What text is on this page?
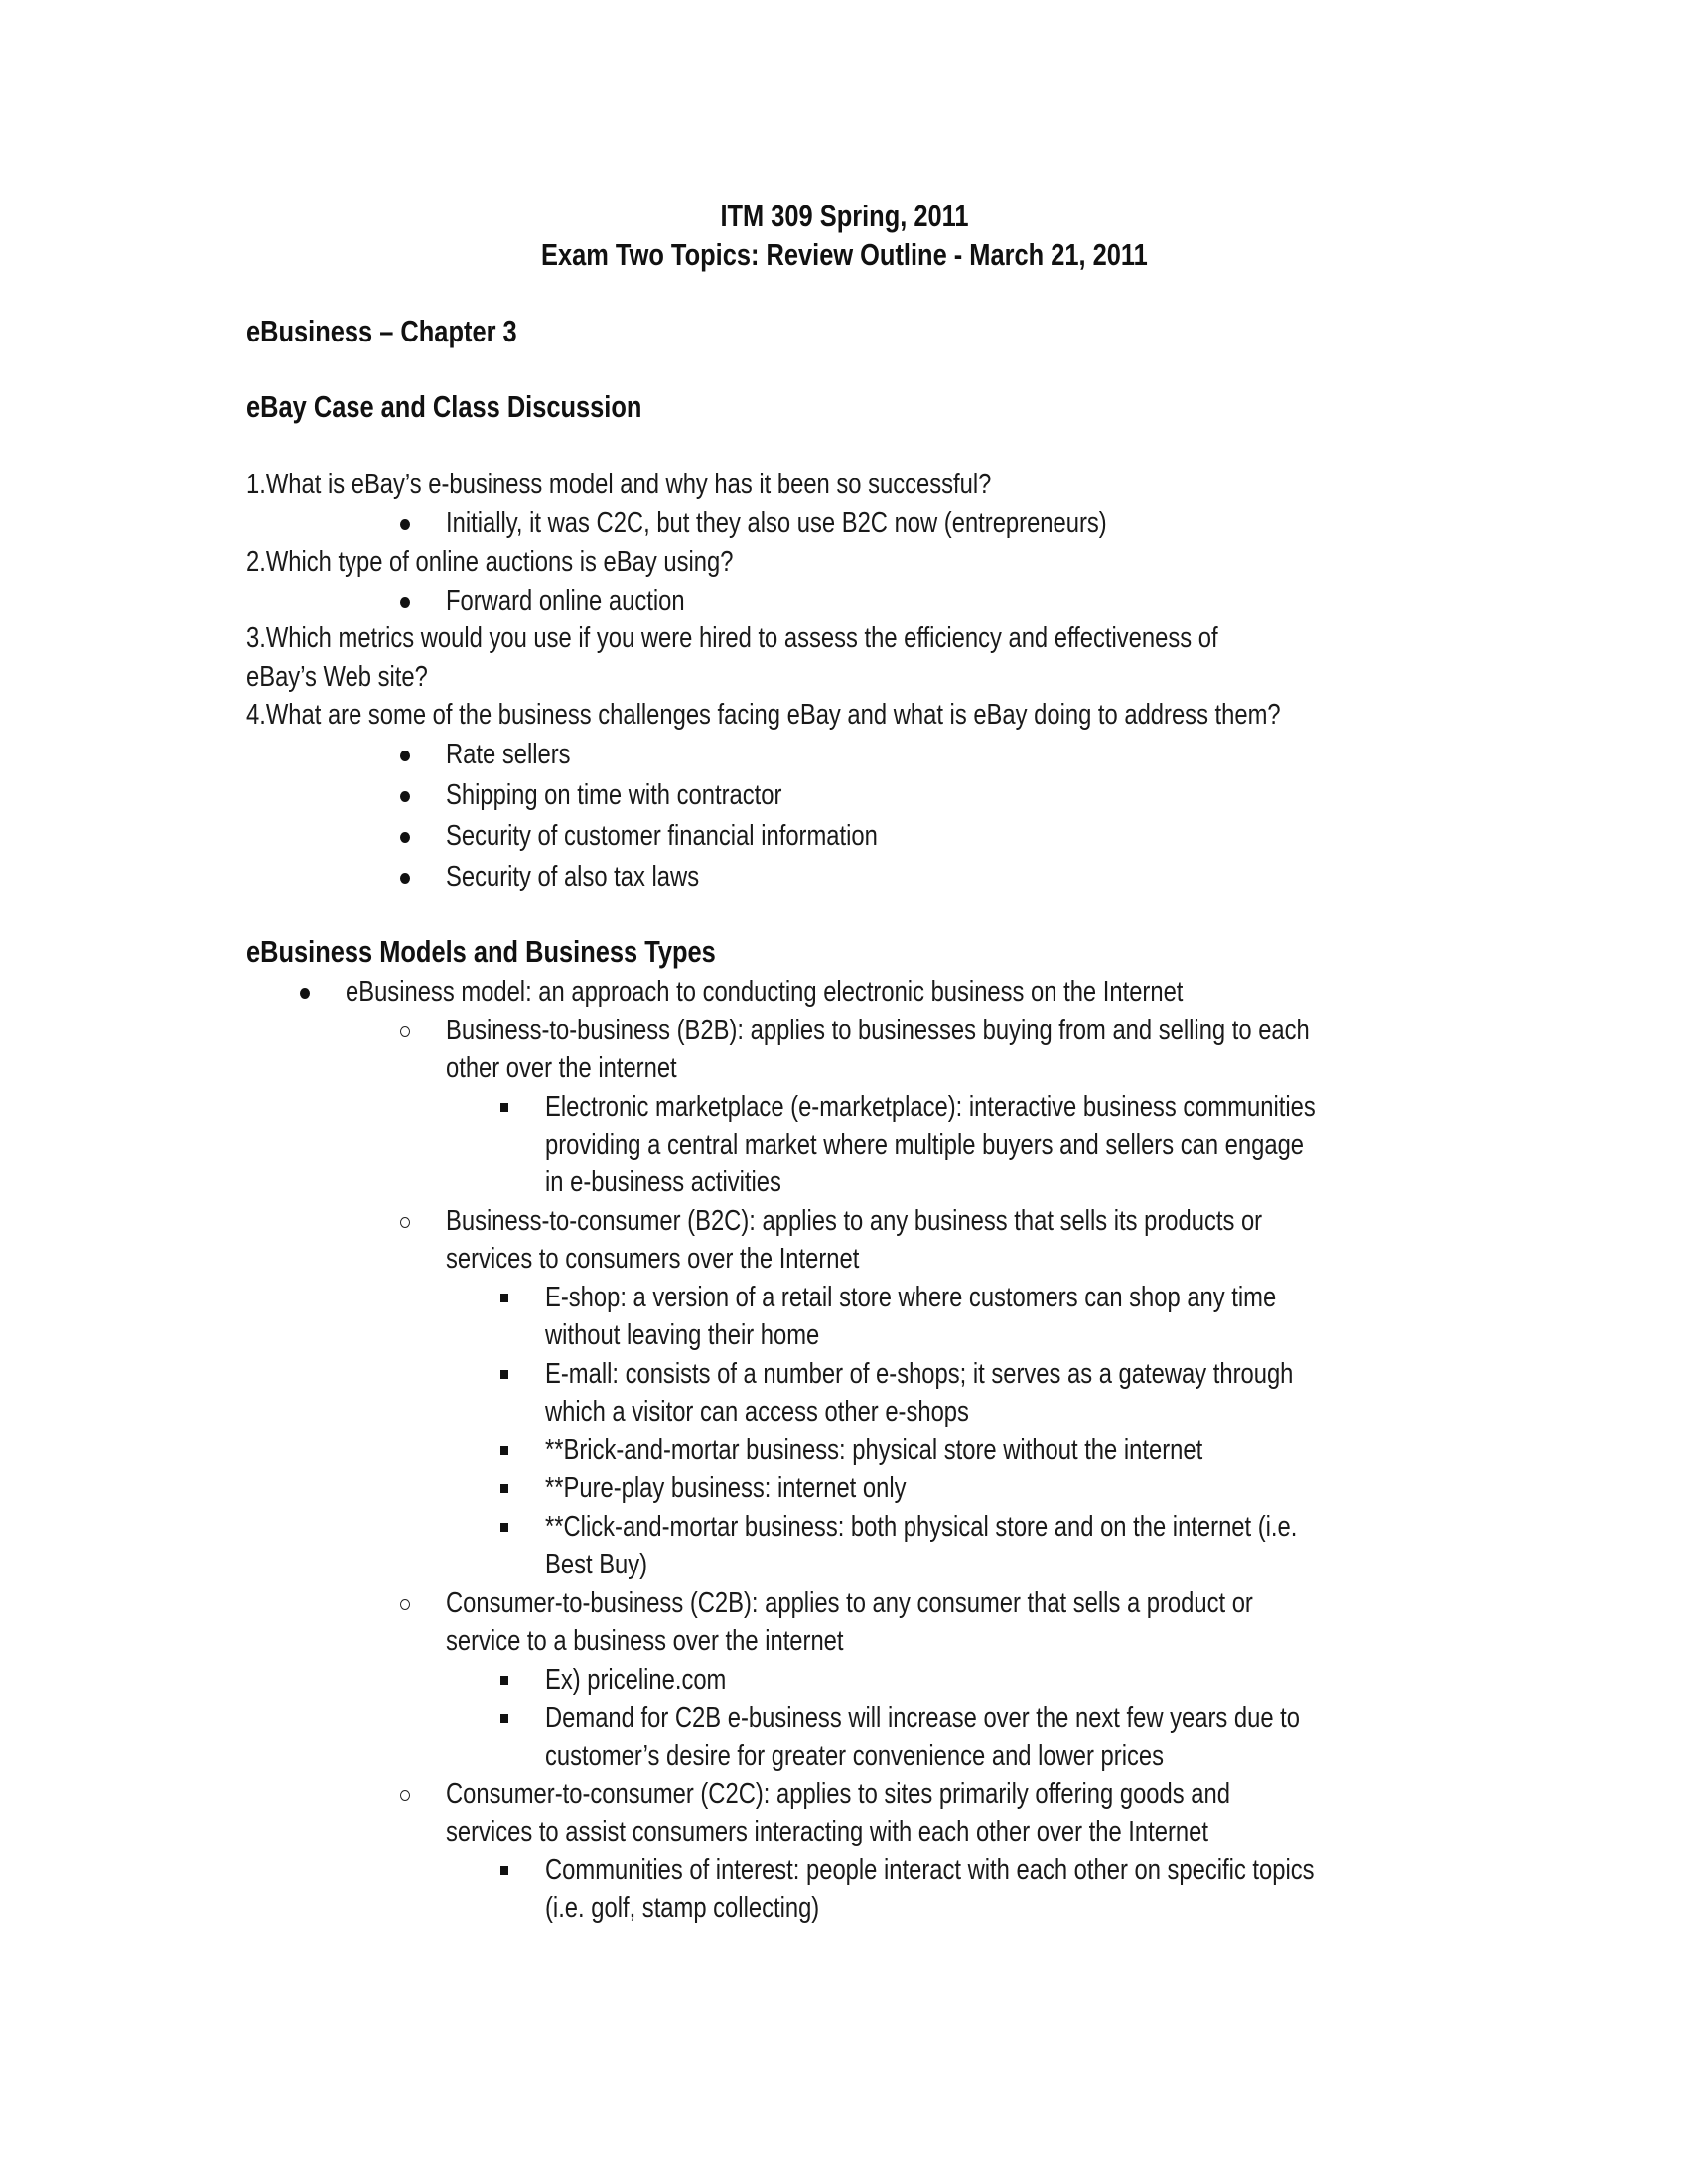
ITM 309 Spring, 2011
Exam Two Topics: Review Outline - March 21, 2011
eBusiness – Chapter 3
eBay Case and Class Discussion
1.What is eBay’s e-business model and why has it been so successful?
Initially, it was C2C, but they also use B2C now (entrepreneurs)
2.Which type of online auctions is eBay using?
Forward online auction
3.Which metrics would you use if you were hired to assess the efficiency and effectiveness of
eBay’s Web site?
4.What are some of the business challenges facing eBay and what is eBay doing to address them?
Rate sellers
Shipping on time with contractor
Security of customer financial information
Security of also tax laws
eBusiness Models and Business Types
eBusiness model: an approach to conducting electronic business on the Internet
Business-to-business (B2B): applies to businesses buying from and selling to each
other over the internet
Electronic marketplace (e-marketplace): interactive business communities
providing a central market where multiple buyers and sellers can engage
in e-business activities
Business-to-consumer (B2C): applies to any business that sells its products or
services to consumers over the Internet
E-shop: a version of a retail store where customers can shop any time
without leaving their home
E-mall: consists of a number of e-shops; it serves as a gateway through
which a visitor can access other e-shops
**Brick-and-mortar business: physical store without the internet
**Pure-play business: internet only
**Click-and-mortar business: both physical store and on the internet (i.e.
Best Buy)
Consumer-to-business (C2B): applies to any consumer that sells a product or
service to a business over the internet
Ex) priceline.com
Demand for C2B e-business will increase over the next few years due to
customer’s desire for greater convenience and lower prices
Consumer-to-consumer (C2C): applies to sites primarily offering goods and
services to assist consumers interacting with each other over the Internet
Communities of interest: people interact with each other on specific topics
(i.e. golf, stamp collecting)
